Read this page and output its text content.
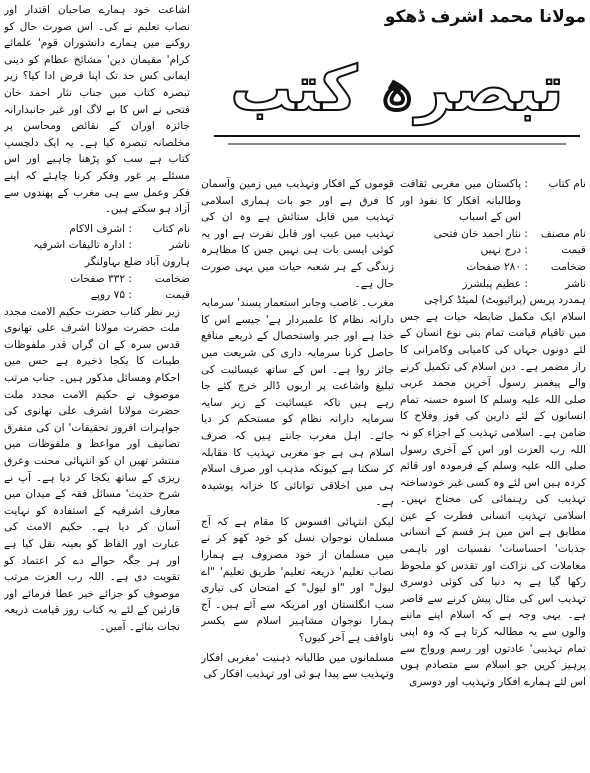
مولانا محمد اشرف ڈھکو
تبصرہ کتب

اشاعت خود ہمارے صاحبان اقتدار اور نصاب تعلیم نے کی۔ اس صورت حال کو روکنے میں ہمارے دانشوران قوم' علمائے کرام' مقیمان دین' مشائخ عظام کو دینی ایمانی کس حد تک اپنا فرض ادا کیا؟ زیر تبصرہ کتاب میں جناب نثار احمد خان فتحی نے اس کا بے لاگ اور غیر جانبدارانہ جائزہ اوران کے نقائص ومحاسن پر مخلصانہ تبصرہ کیا ہے۔ یہ ایک دلچسپ کتاب ہے سب کو پڑھنا چاہیے اور اس مسئلے پر غور وفکر کرنا چاہئے کہ اپنے فکر وعمل سے ہی مغرب کے پھندوں سے آزاد ہو سکتے ہیں۔

نام کتاب
:
اشرف الاکام
ناشر
:
ادارہ تالیفات اشرفیہ
ہارون آباد ضلع بہاولنگر
ضخامت
:
۳۳۲ صفحات
قیمت
:
۷۵ روپے

زیر نظر کتاب حضرت حکیم الامت مجدد ملت حضرت مولانا اشرف علی تھانوی قدس سرہ کے ان گراں قدر ملفوظات طیبات کا یکجا ذخیرہ ہے جس میں احکام ومسائل مذکور ہیں۔ جناب مرتب موصوف نے حکیم الامت مجدد ملت حضرت مولانا اشرف علی تھانوی کی جواہرات افروز تحقیقات' ان کی متفرق تصانیف اور مواعظ و ملفوظات میں منتشر تھیں ان کو انتہائی محنت وعرق ریزی کے ساتھ یکجا کر دیا ہے۔ آپ نے شرح حدیث' مسائل فقہ کے میدان میں معارف اشرفیہ کے استفادہ کو نہایت آسان کر دیا ہے۔ حکیم الامت کی عبارت اور الفاظ کو بعینہ نقل کیا ہے اور ہر جگہ حوالے دے کر اعتماد کو تقویت دی ہے۔ اللہ رب العزت مرتب موصوف کو جزائے خیر عطا فرمائے اور قارئین کے لئے یہ کتاب روز قیامت ذریعہ نجات بنائے۔ آمین۔

قوموں کے افکار وتہذیب میں زمین وآسمان کا فرق ہے اور جو بات ہماری اسلامی تہذیب میں قابل ستائش ہے وہ ان کی تہذیب میں عیب اور قابل نفرت ہے اور یہ کوئی ایسی بات ہی نہیں جس کا مظاہرہ زندگی کے ہر شعبہ حیات میں یہی صورت حال ہے۔

مغرب۔ غاصب وجابر استعمار پسند' سرمایہ دارانہ نظام کا علمبردار ہے' جیسے اس کا خدا ہے اور جبر واستحصال کے ذریعے منافع حاصل کرنا سرمایہ داری کی شریعت میں جائز روا ہے۔ اس کے ساتھ عیسائیت کی تبلیغ واشاعت پر اربوں ڈالر خرچ کئے جا رہے ہیں تاکہ عیسائیت کے زیر سایہ سرمایہ دارانہ نظام کو مستحکم کر دیا جائے۔ اہل مغرب جانتے ہیں کہ صرف اسلام ہی ہے جو مغربی تہذیب کا مقابلہ کر سکتا ہے کیونکہ مذہب اور صرف اسلام ہی میں اخلاقی توانائی کا خزانہ پوشیدہ ہے۔

لیکن انتہائی افسوس کا مقام ہے کہ آج مسلمان نوجوان نسل کو خود کھو کر نے میں مسلمان از خود مصروف ہے ہمارا نصاب تعلیم' ذریعہ تعلیم' طریق تعلیم' "اے لیول" اور "او لیول" کے امتحان کی تیاری سب انگلستان اور امریکہ سے آئے ہیں۔ آج ہمارا نوجوان مشاہیر اسلام سے یکسر ناواقف ہے آخر کیوں؟

مسلمانوں میں طالبانہ ذہنیت 'مغربی افکار وتہذیب سے پیدا ہو ئی اور تہذیب افکار کی

نام کتاب
:
پاکستان میں مغربی ثقافت وطالبانہ افکار کا نفوذ اور اس کے اسباب
نام مصنف
:
نثار احمد خان فتحی
قیمت
:
درج نہیں
ضخامت
:
۲۸۰ صفحات
ناشر
:
عظیم پبلشرز
ہمدرد پریس (پرائیویٹ) لمیٹڈ کراچی

اسلام ایک مکمل ضابطہ حیات ہے جس میں تاقیام قیامت تمام بنی نوع انسان کے لئے دونوں جہاں کی کامیابی وکامرانی کا راز مضمر ہے۔ دین اسلام کی تکمیل کرنے والے پیغمبر رسول آخرین محمد عربی صلی اللہ علیہ وسلم کا اسوہ حسنہ تمام انسانوں کے لئے دارین کی فوز وفلاح کا ضامن ہے۔ اسلامی تہذیب کے اجزاء کو نہ اللہ رب العزت اور اس کے آخری رسول صلی اللہ علیہ وسلم کے فرمودہ اور قائم کردہ ہیں اس لئے وہ کسی غیر خودساختہ تہذیب کی رہنمائی کی محتاج نہیں۔ اسلامی تہذیب انسانی فطرت کے عین مطابق ہے اس میں ہر قسم کے انسانی جذبات' احساسات' نفسیات اور باہمی معاملات کی نزاکت اور تقدس کو ملحوظ رکھا گیا ہے یہ دنیا کی کوئی دوسری تہذیب اس کی مثال پیش کرنے سے قاصر ہے۔ یہی وجہ ہے کہ اسلام اپنے ماننے والوں سے یہ مطالبہ کرتا ہے کہ وہ اپنی تمام تہذیبی' عادتوں اور رسم ورواج سے پرہیز کریں جو اسلام سے متصادم ہوں اس لئے ہمارے افکار وتہذیب اور دوسری
